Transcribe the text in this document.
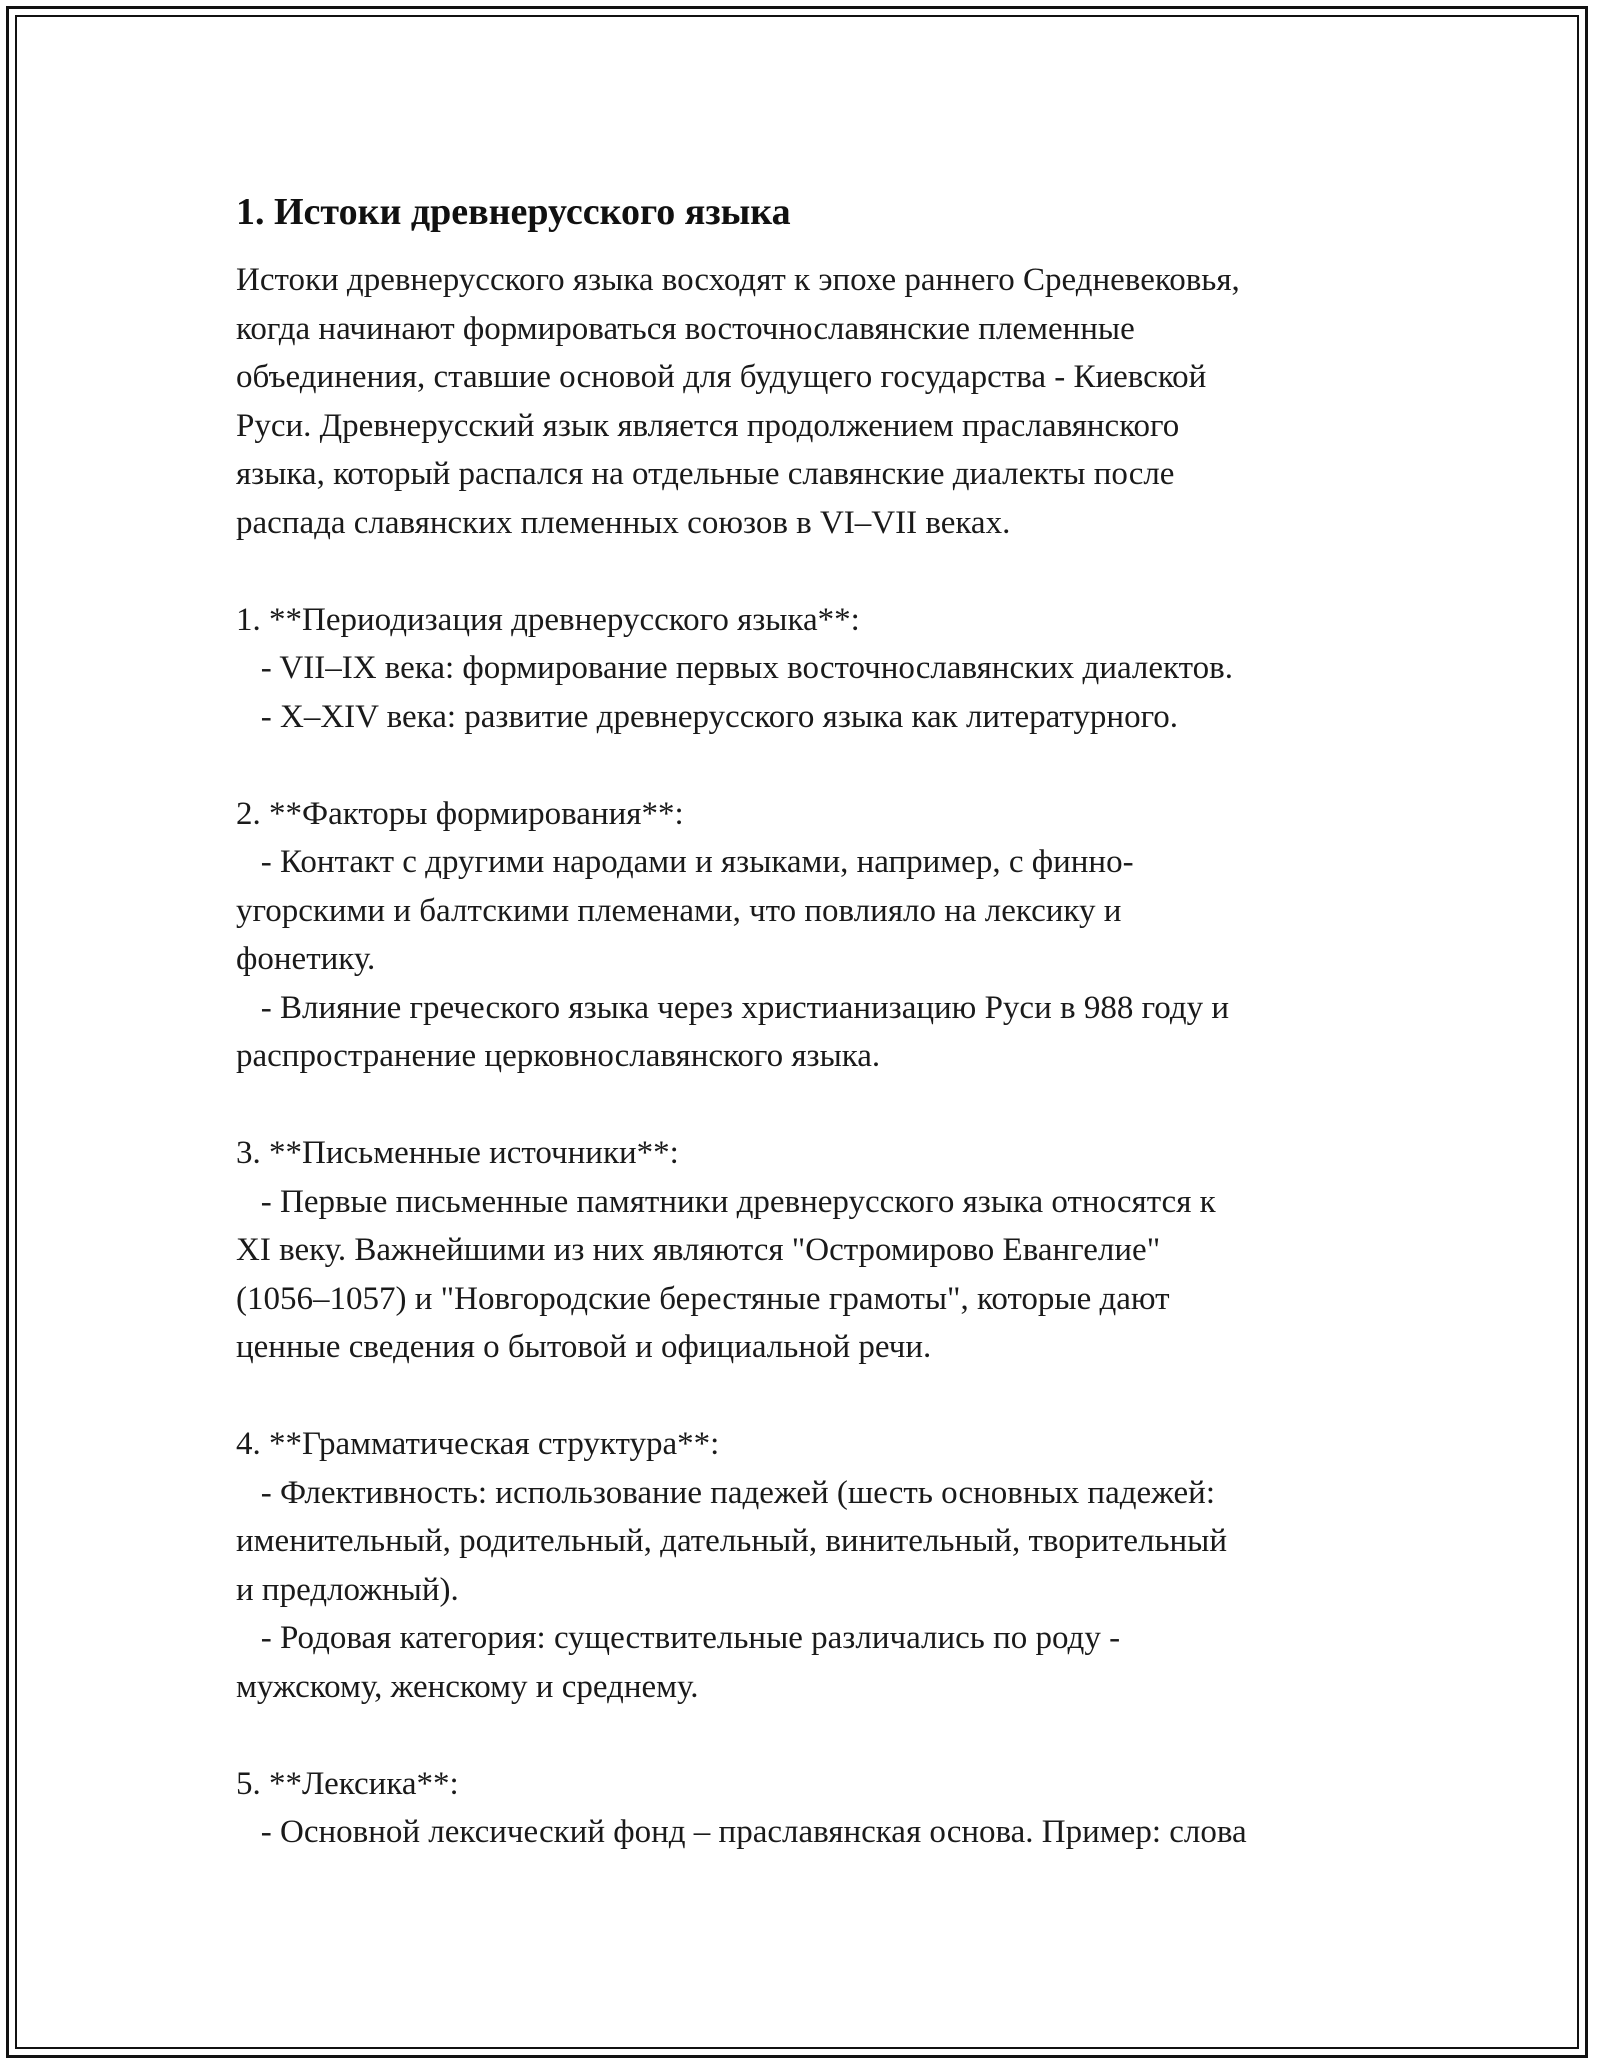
1. Истоки древнерусского языка

Истоки древнерусского языка восходят к эпохе раннего Средневековья,
когда начинают формироваться восточнославянские племенные
объединения, ставшие основой для будущего государства - Киевской
Руси. Древнерусский язык является продолжением праславянского
языка, который распался на отдельные славянские диалекты после
распада славянских племенных союзов в VI–VII веках.

1. **Периодизация древнерусского языка**:

- VII–IX века: формирование первых восточнославянских диалектов.
- X–XIV века: развитие древнерусского языка как литературного.

2. **Факторы формирования**:

- Контакт с другими народами и языками, например, с финно-
угорскими и балтскими племенами, что повлияло на лексику и
фонетику.
- Влияние греческого языка через христианизацию Руси в 988 году и
распространение церковнославянского языка.

3. **Письменные источники**:

- Первые письменные памятники древнерусского языка относятся к
XI веку. Важнейшими из них являются "Остромирово Евангелие"
(1056–1057) и "Новгородские берестяные грамоты", которые дают
ценные сведения о бытовой и официальной речи.

4. **Грамматическая структура**:

- Флективность: использование падежей (шесть основных падежей:
именительный, родительный, дательный, винительный, творительный
и предложный).
- Родовая категория: существительные различались по роду -
мужскому, женскому и среднему.

5. **Лексика**:

- Основной лексический фонд – праславянская основа. Пример: слова
